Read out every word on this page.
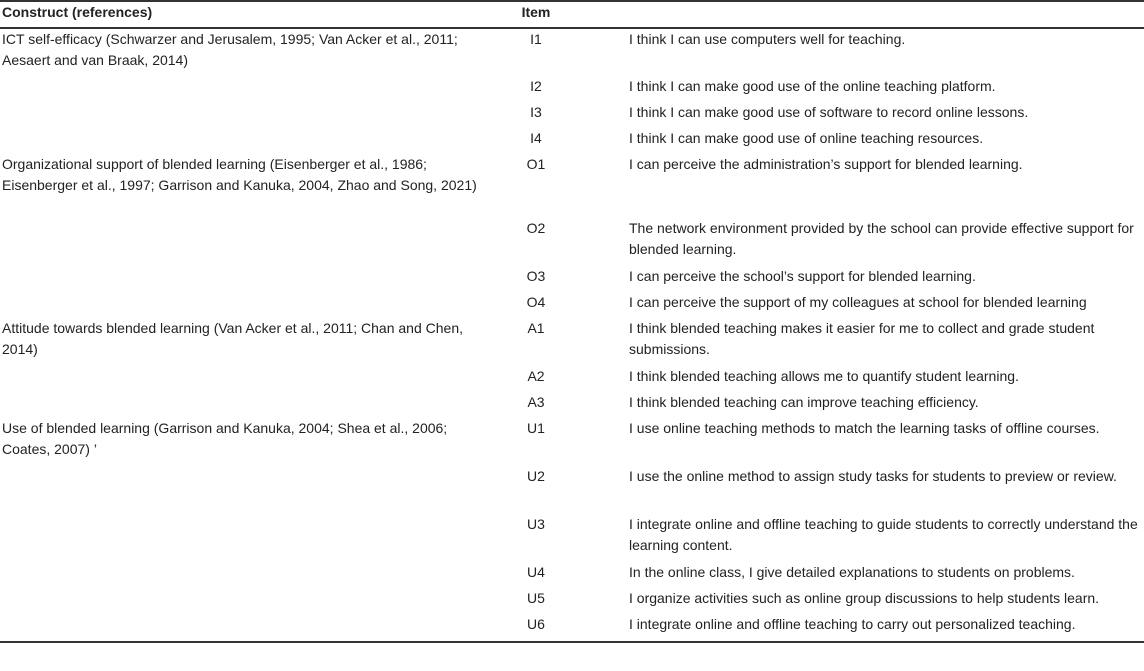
Construct (references)	Item	
ICT self-efficacy (Schwarzer and Jerusalem, 1995; Van Acker et al., 2011; Aesaert and van Braak, 2014)	I1	I think I can use computers well for teaching.
	I2	I think I can make good use of the online teaching platform.
	I3	I think I can make good use of software to record online lessons.
	I4	I think I can make good use of online teaching resources.
Organizational support of blended learning (Eisenberger et al., 1986; Eisenberger et al., 1997; Garrison and Kanuka, 2004, Zhao and Song, 2021)	O1	I can perceive the administration’s support for blended learning.
	O2	The network environment provided by the school can provide effective support for blended learning.
	O3	I can perceive the school’s support for blended learning.
	O4	I can perceive the support of my colleagues at school for blended learning
Attitude towards blended learning (Van Acker et al., 2011; Chan and Chen, 2014)	A1	I think blended teaching makes it easier for me to collect and grade student submissions.
	A2	I think blended teaching allows me to quantify student learning.
	A3	I think blended teaching can improve teaching efficiency.
Use of blended learning (Garrison and Kanuka, 2004; Shea et al., 2006; Coates, 2007) ’	U1	I use online teaching methods to match the learning tasks of offline courses.
	U2	I use the online method to assign study tasks for students to preview or review.
	U3	I integrate online and offline teaching to guide students to correctly understand the learning content.
	U4	In the online class, I give detailed explanations to students on problems.
	U5	I organize activities such as online group discussions to help students learn.
	U6	I integrate online and offline teaching to carry out personalized teaching.
